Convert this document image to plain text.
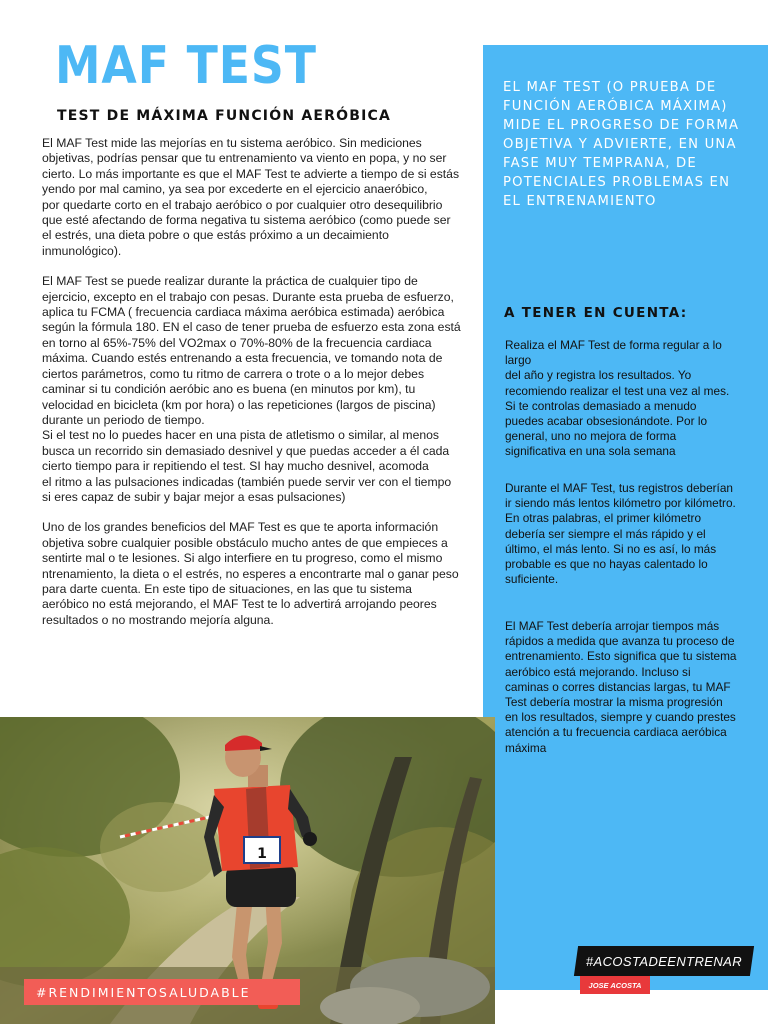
MAF TEST
TEST DE MÁXIMA FUNCIÓN AERÓBICA

El MAF Test mide las mejorías en tu sistema aeróbico. Sin mediciones objetivas, podrías pensar que tu entrenamiento va viento en popa, y no ser cierto. Lo más importante es que el MAF Test te advierte a tiempo de si estás yendo por mal camino, ya sea por excederte en el ejercicio anaeróbico,
por quedarte corto en el trabajo aeróbico o por cualquier otro desequilibrio que esté afectando de forma negativa tu sistema aeróbico (como puede ser el estrés, una dieta pobre o que estás próximo a un decaimiento inmunológico).

El MAF Test se puede realizar durante la práctica de cualquier tipo de ejercicio, excepto en el trabajo con pesas. Durante esta prueba de esfuerzo, aplica tu FCMA ( frecuencia cardiaca máxima aeróbica estimada) aeróbica según la fórmula 180. EN el caso de tener prueba de esfuerzo esta zona está en torno al 65%-75% del VO2max o 70%-80% de la frecuencia cardiaca máxima. Cuando estés entrenando a esta frecuencia, ve tomando nota de ciertos parámetros, como tu ritmo de carrera o trote o a lo mejor debes caminar si tu condición aeróbic ano es buena (en minutos por km), tu velocidad en bicicleta (km por hora) o las repeticiones (largos de piscina) durante un periodo de tiempo.
Si el test no lo puedes hacer en una pista de atletismo o similar, al menos busca un recorrido sin demasiado desnivel y que puedas acceder a él cada cierto tiempo para ir repitiendo el test. SI hay mucho desnivel, acomoda
el ritmo a las pulsaciones indicadas (también puede servir ver con el tiempo si eres capaz de subir y bajar mejor a esas pulsaciones)

Uno de los grandes beneficios del MAF Test es que te aporta información objetiva sobre cualquier posible obstáculo mucho antes de que empieces a sentirte mal o te lesiones. Si algo interfiere en tu progreso, como el mismo ntrenamiento, la dieta o el estrés, no esperes a encontrarte mal o ganar peso para darte cuenta. En este tipo de situaciones, en las que tu sistema aeróbico no está mejorando, el MAF Test te lo advertirá arrojando peores resultados o no mostrando mejoría alguna.

EL MAF TEST (O PRUEBA DE FUNCIÓN AERÓBICA MÁXIMA) MIDE EL PROGRESO DE FORMA OBJETIVA Y ADVIERTE, EN UNA FASE MUY TEMPRANA, DE POTENCIALES PROBLEMAS EN EL ENTRENAMIENTO

A TENER EN CUENTA:

Realiza el MAF Test de forma regular a lo largo
del año y registra los resultados. Yo recomiendo realizar el test una vez al mes. Si te controlas demasiado a menudo puedes acabar obsesionándote. Por lo general, uno no mejora de forma significativa en una sola semana

Durante el MAF Test, tus registros deberían ir siendo más lentos kilómetro por kilómetro. En otras palabras, el primer kilómetro debería ser siempre el más rápido y el último, el más lento. Si no es así, lo más probable es que no hayas calentado lo suficiente.

El MAF Test debería arrojar tiempos más rápidos a medida que avanza tu proceso de entrenamiento. Esto significa que tu sistema aeróbico está mejorando. Incluso si caminas o corres distancias largas, tu MAF Test debería mostrar la misma progresión en los resultados, siempre y cuando prestes atención a tu frecuencia cardiaca aeróbica máxima

#ACOSTADEENTRENAR
JOSE ACOSTA
1
#RENDIMIENTOSALUDABLE
